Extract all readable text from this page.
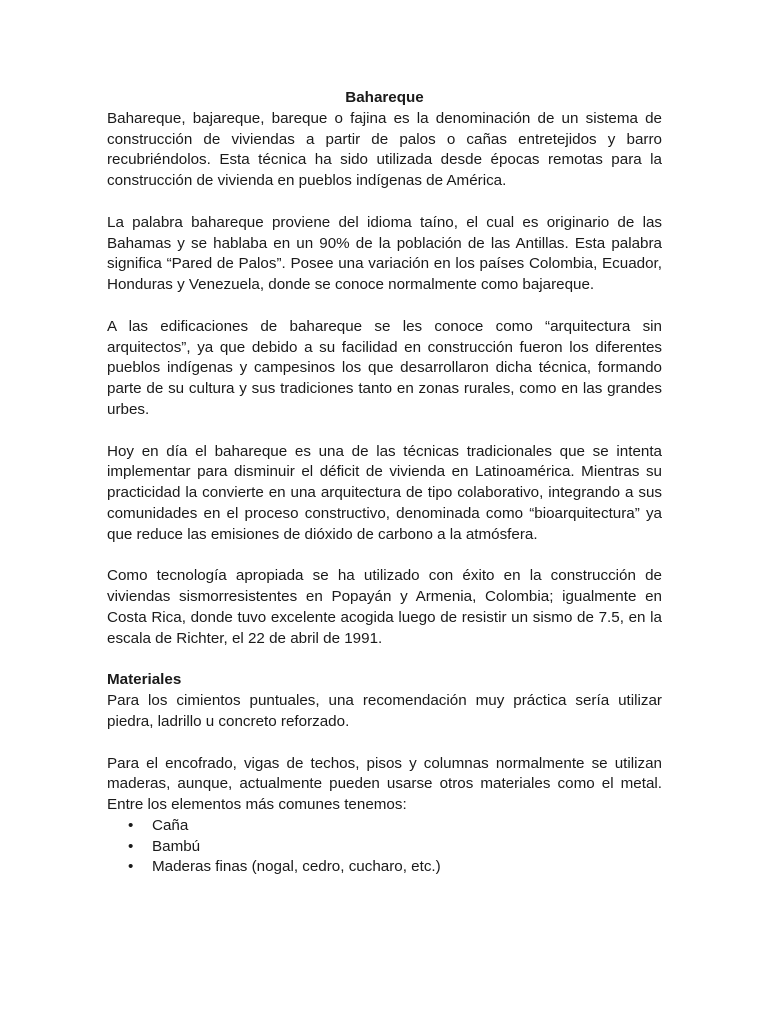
Bahareque

Bahareque, bajareque, bareque o fajina es la denominación de un sistema de construcción de viviendas a partir de palos o cañas entretejidos y barro recubriéndolos. Esta técnica ha sido utilizada desde épocas remotas para la construcción de vivienda en pueblos indígenas de América.

La palabra bahareque proviene del idioma taíno, el cual es originario de las Bahamas y se hablaba en un 90% de la población de las Antillas. Esta palabra significa “Pared de Palos”. Posee una variación en los países Colombia, Ecuador, Honduras y Venezuela, donde se conoce normalmente como bajareque.

A las edificaciones de bahareque se les conoce como “arquitectura sin arquitectos”, ya que debido a su facilidad en construcción fueron los diferentes pueblos indígenas y campesinos los que desarrollaron dicha técnica, formando parte de su cultura y sus tradiciones tanto en zonas rurales, como en las grandes urbes.

Hoy en día el bahareque es una de las técnicas tradicionales que se intenta implementar para disminuir el déficit de vivienda en Latinoamérica. Mientras su practicidad la convierte en una arquitectura de tipo colaborativo, integrando a sus comunidades en el proceso constructivo, denominada como “bioarquitectura” ya que reduce las emisiones de dióxido de carbono a la atmósfera.

Como tecnología apropiada se ha utilizado con éxito en la construcción de viviendas sismorresistentes en Popayán y Armenia, Colombia; igualmente en Costa Rica, donde tuvo excelente acogida luego de resistir un sismo de 7.5, en la escala de Richter, el 22 de abril de 1991.

Materiales

Para los cimientos puntuales, una recomendación muy práctica sería utilizar piedra, ladrillo u concreto reforzado.

Para el encofrado, vigas de techos, pisos y columnas normalmente se utilizan maderas, aunque, actualmente pueden usarse otros materiales como el metal. Entre los elementos más comunes tenemos:

• Caña
• Bambú
• Maderas finas (nogal, cedro, cucharo, etc.)
